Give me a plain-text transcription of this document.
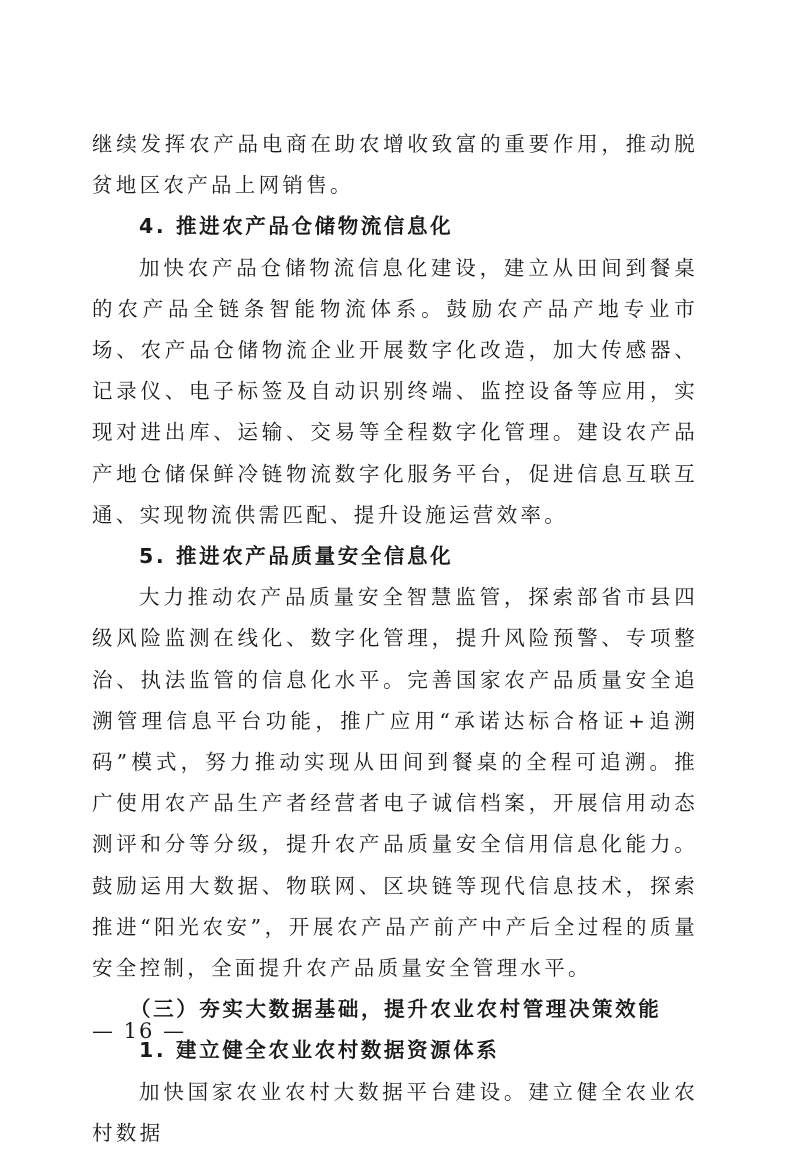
继续发挥农产品电商在助农增收致富的重要作用，推动脱贫地区农产品上网销售。

4. 推进农产品仓储物流信息化

加快农产品仓储物流信息化建设，建立从田间到餐桌的农产品全链条智能物流体系。鼓励农产品产地专业市场、农产品仓储物流企业开展数字化改造，加大传感器、记录仪、电子标签及自动识别终端、监控设备等应用，实现对进出库、运输、交易等全程数字化管理。建设农产品产地仓储保鲜冷链物流数字化服务平台，促进信息互联互通、实现物流供需匹配、提升设施运营效率。

5. 推进农产品质量安全信息化

大力推动农产品质量安全智慧监管，探索部省市县四级风险监测在线化、数字化管理，提升风险预警、专项整治、执法监管的信息化水平。完善国家农产品质量安全追溯管理信息平台功能，推广应用“承诺达标合格证+追溯码”模式，努力推动实现从田间到餐桌的全程可追溯。推广使用农产品生产者经营者电子诚信档案，开展信用动态测评和分等分级，提升农产品质量安全信用信息化能力。鼓励运用大数据、物联网、区块链等现代信息技术，探索推进“阳光农安”，开展农产品产前产中产后全过程的质量安全控制，全面提升农产品质量安全管理水平。

（三）夯实大数据基础，提升农业农村管理决策效能

1. 建立健全农业农村数据资源体系

加快国家农业农村大数据平台建设。建立健全农业农村数据

— 16 —
